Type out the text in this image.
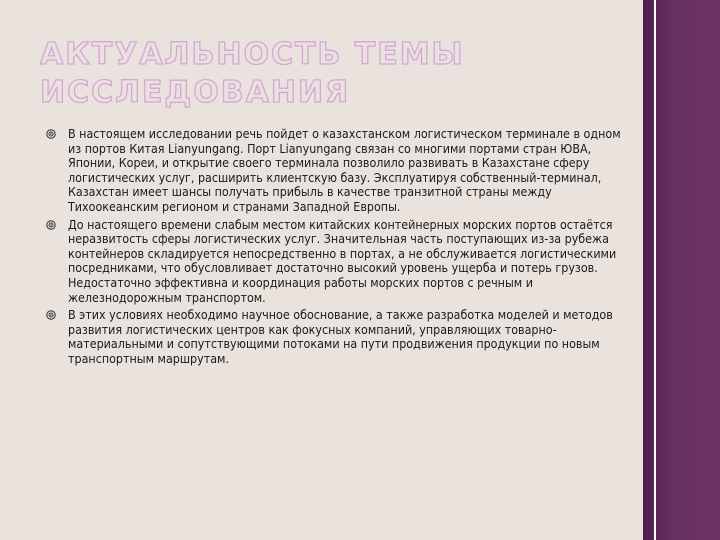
АКТУАЛЬНОСТЬ ТЕМЫ ИССЛЕДОВАНИЯ
В настоящем исследовании речь пойдет о казахстанском логистическом терминале в одном из портов Китая Lianyungang. Порт Lianyungang связан со многими портами стран ЮВА, Японии, Кореи, и открытие своего терминала позволило развивать в Казахстане сферу логистических услуг, расширить клиентскую базу. Эксплуатируя собственный-терминал, Казахстан имеет шансы получать прибыль в качестве транзитной страны между Тихоокеанским регионом и странами Западной Европы.
До настоящего времени слабым местом китайских контейнерных морских портов остаётся неразвитость сферы логистических услуг. Значительная часть поступающих из-за рубежа контейнеров складируется непосредственно в портах, а не обслуживается логистическими посредниками, что обусловливает достаточно высокий уровень ущерба и потерь грузов. Недостаточно эффективна и координация работы морских портов с речным и железнодорожным транспортом.
В этих условиях необходимо научное обоснование, а также разработка моделей и методов развития логистических центров как фокусных компаний, управляющих товарно-материальными и сопутствующими потоками на пути продвижения продукции по новым транспортным маршрутам.
